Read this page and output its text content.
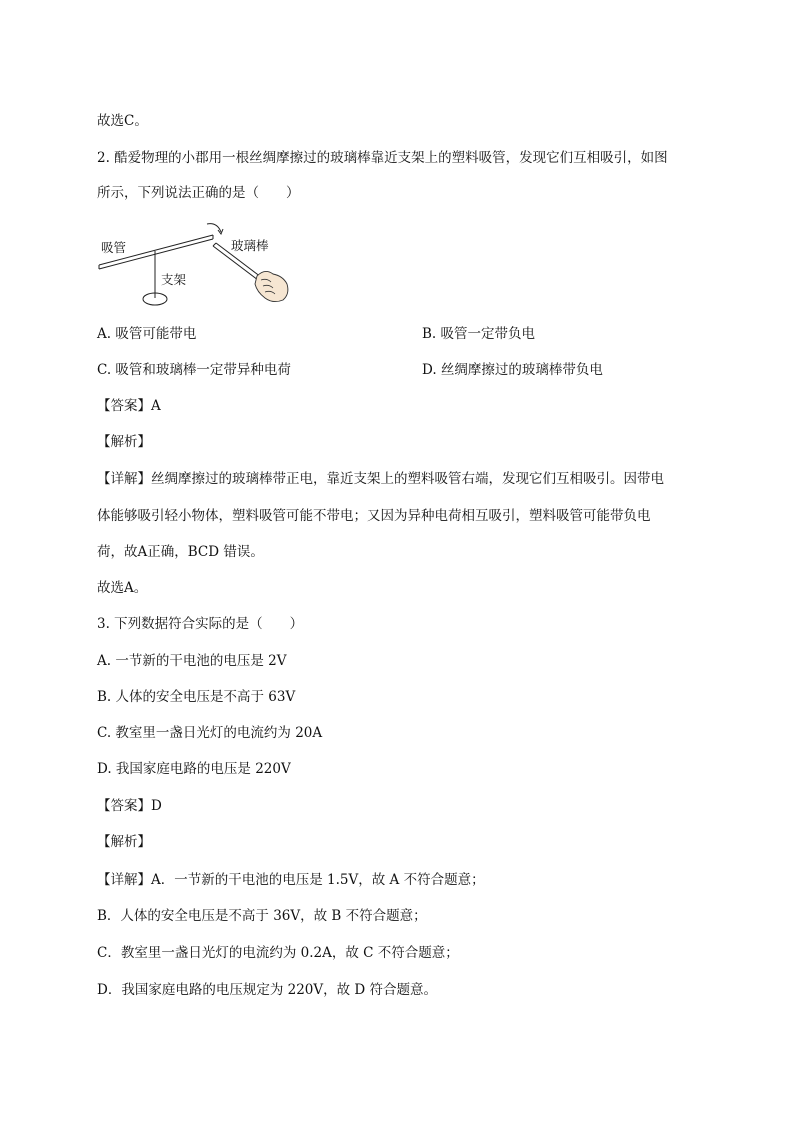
故选C。
2. 酷爱物理的小郡用一根丝绸摩擦过的玻璃棒靠近支架上的塑料吸管，发现它们互相吸引，如图
所示，下列说法正确的是（　　）
吸管
支架
玻璃棒
A. 吸管可能带电	B. 吸管一定带负电
C. 吸管和玻璃棒一定带异种电荷	D. 丝绸摩擦过的玻璃棒带负电
【答案】A
【解析】
【详解】丝绸摩擦过的玻璃棒带正电，靠近支架上的塑料吸管右端，发现它们互相吸引。因带电
体能够吸引轻小物体，塑料吸管可能不带电；又因为异种电荷相互吸引，塑料吸管可能带负电
荷，故A正确，BCD 错误。
故选A。
3. 下列数据符合实际的是（　　）
A. 一节新的干电池的电压是 2V
B. 人体的安全电压是不高于 63V
C. 教室里一盏日光灯的电流约为 20A
D. 我国家庭电路的电压是 220V
【答案】D
【解析】
【详解】A．一节新的干电池的电压是 1.5V，故 A 不符合题意；
B．人体的安全电压是不高于 36V，故 B 不符合题意；
C．教室里一盏日光灯的电流约为 0.2A，故 C 不符合题意；
D．我国家庭电路的电压规定为 220V，故 D 符合题意。
